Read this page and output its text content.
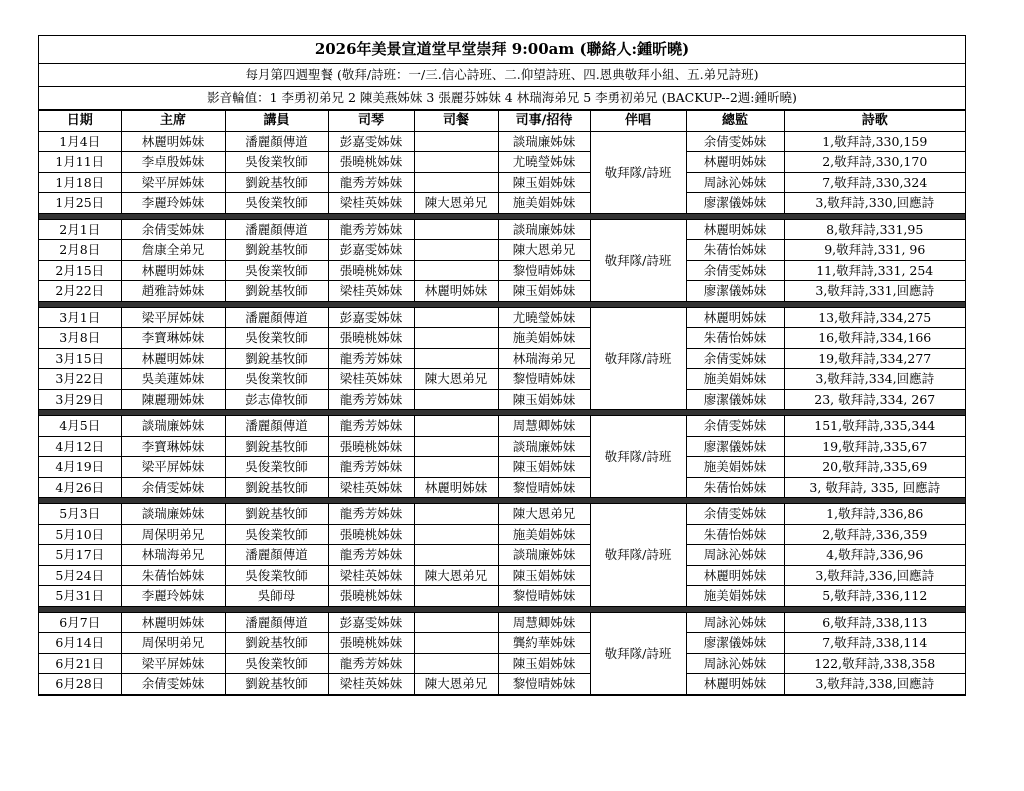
2026年美景宣道堂早堂崇拜 9:00am (聯絡人:鍾昕曉)
每月第四週聖餐 (敬拜/詩班：一/三.信心詩班、二.仰望詩班、四.恩典敬拜小組、五.弟兄詩班)
影音輪值：1 李勇初弟兄 2 陳美燕姊妹 3 張麗芬姊妹 4 林瑞海弟兄 5 李勇初弟兄 (BACKUP--2週:鍾昕曉)
日期	主席	講員	司琴	司餐	司事/招待	伴唱	總監	詩歌
1月4日	林麗明姊妹	潘麗顏傳道	彭嘉雯姊妹		談瑞廉姊妹	敬拜隊/詩班	余倩雯姊妹	1,敬拜詩,330,159
1月11日	李卓殷姊妹	吳俊業牧師	張曉桃姊妹		尤曉瑩姊妹		林麗明姊妹	2,敬拜詩,330,170
1月18日	梁平屏姊妹	劉銳基牧師	龍秀芳姊妹		陳玉娟姊妹		周詠沁姊妹	7,敬拜詩,330,324
1月25日	李麗玲姊妹	吳俊業牧師	梁桂英姊妹	陳大恩弟兄	施美娟姊妹		廖潔儀姊妹	3,敬拜詩,330,回應詩

2月1日	余倩雯姊妹	潘麗顏傳道	龍秀芳姊妹		談瑞廉姊妹	敬拜隊/詩班	林麗明姊妹	8,敬拜詩,331,95
2月8日	詹康全弟兄	劉銳基牧師	彭嘉雯姊妹		陳大恩弟兄		朱蒨怡姊妹	9,敬拜詩,331, 96
2月15日	林麗明姊妹	吳俊業牧師	張曉桃姊妹		黎愷晴姊妹		余倩雯姊妹	11,敬拜詩,331, 254
2月22日	趙雅詩姊妹	劉銳基牧師	梁桂英姊妹	林麗明姊妹	陳玉娟姊妹		廖潔儀姊妹	3,敬拜詩,331,回應詩

3月1日	梁平屏姊妹	潘麗顏傳道	彭嘉雯姊妹		尤曉瑩姊妹	敬拜隊/詩班	林麗明姊妹	13,敬拜詩,334,275
3月8日	李寶琳姊妹	吳俊業牧師	張曉桃姊妹		施美娟姊妹		朱蒨怡姊妹	16,敬拜詩,334,166
3月15日	林麗明姊妹	劉銳基牧師	龍秀芳姊妹		林瑞海弟兄		余倩雯姊妹	19,敬拜詩,334,277
3月22日	吳美蓮姊妹	吳俊業牧師	梁桂英姊妹	陳大恩弟兄	黎愷晴姊妹		施美娟姊妹	3,敬拜詩,334,回應詩
3月29日	陳麗珊姊妹	彭志偉牧師	龍秀芳姊妹		陳玉娟姊妹		廖潔儀姊妹	23, 敬拜詩,334, 267

4月5日	談瑞廉姊妹	潘麗顏傳道	龍秀芳姊妹		周慧卿姊妹	敬拜隊/詩班	余倩雯姊妹	151,敬拜詩,335,344
4月12日	李寶琳姊妹	劉銳基牧師	張曉桃姊妹		談瑞廉姊妹		廖潔儀姊妹	19,敬拜詩,335,67
4月19日	梁平屏姊妹	吳俊業牧師	龍秀芳姊妹		陳玉娟姊妹		施美娟姊妹	20,敬拜詩,335,69
4月26日	余倩雯姊妹	劉銳基牧師	梁桂英姊妹	林麗明姊妹	黎愷晴姊妹		朱蒨怡姊妹	3, 敬拜詩, 335, 回應詩

5月3日	談瑞廉姊妹	劉銳基牧師	龍秀芳姊妹		陳大恩弟兄	敬拜隊/詩班	余倩雯姊妹	1,敬拜詩,336,86
5月10日	周保明弟兄	吳俊業牧師	張曉桃姊妹		施美娟姊妹		朱蒨怡姊妹	2,敬拜詩,336,359
5月17日	林瑞海弟兄	潘麗顏傳道	龍秀芳姊妹		談瑞廉姊妹		周詠沁姊妹	4,敬拜詩,336,96
5月24日	朱蒨怡姊妹	吳俊業牧師	梁桂英姊妹	陳大恩弟兄	陳玉娟姊妹		林麗明姊妹	3,敬拜詩,336,回應詩
5月31日	李麗玲姊妹	吳師母	張曉桃姊妹		黎愷晴姊妹		施美娟姊妹	5,敬拜詩,336,112

6月7日	林麗明姊妹	潘麗顏傳道	彭嘉雯姊妹		周慧卿姊妹	敬拜隊/詩班	周詠沁姊妹	6,敬拜詩,338,113
6月14日	周保明弟兄	劉銳基牧師	張曉桃姊妹		龔約華姊妹		廖潔儀姊妹	7,敬拜詩,338,114
6月21日	梁平屏姊妹	吳俊業牧師	龍秀芳姊妹		陳玉娟姊妹		周詠沁姊妹	122,敬拜詩,338,358
6月28日	余倩雯姊妹	劉銳基牧師	梁桂英姊妹	陳大恩弟兄	黎愷晴姊妹		林麗明姊妹	3,敬拜詩,338,回應詩
